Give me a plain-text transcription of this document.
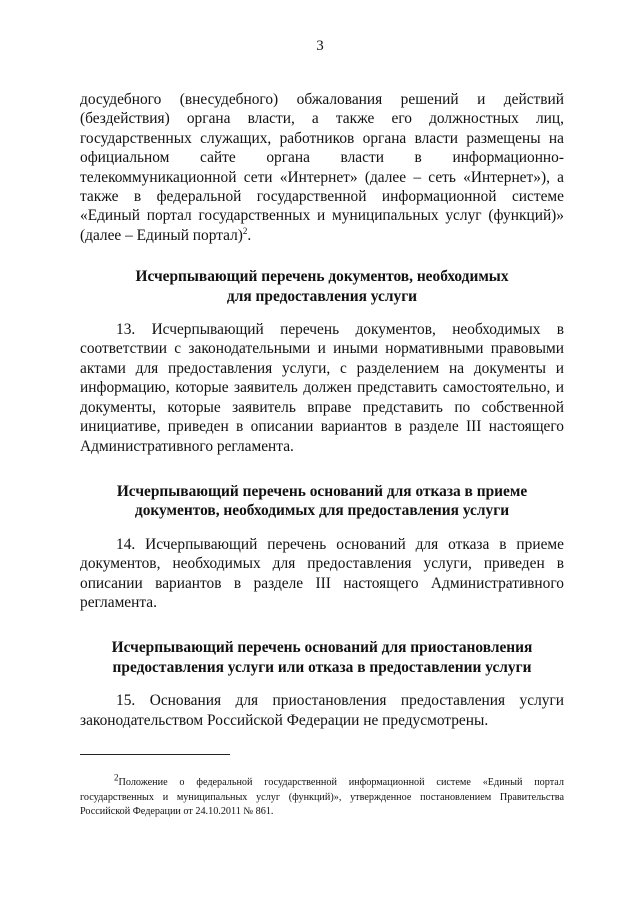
3

досудебного (внесудебного) обжалования решений и действий (бездействия) органа власти, а также его должностных лиц, государственных служащих, работников органа власти размещены на официальном сайте органа власти в информационно-телекоммуникационной сети «Интернет» (далее – сеть «Интернет»), а также в федеральной государственной информационной системе «Единый портал государственных и муниципальных услуг (функций)» (далее – Единый портал)$^2$.

Исчерпывающий перечень документов, необходимых
для предоставления услуги

13. Исчерпывающий перечень документов, необходимых в соответствии с законодательными и иными нормативными правовыми актами для предоставления услуги, с разделением на документы и информацию, которые заявитель должен представить самостоятельно, и документы, которые заявитель вправе представить по собственной инициативе, приведен в описании вариантов в разделе III настоящего Административного регламента.

Исчерпывающий перечень оснований для отказа в приеме
документов, необходимых для предоставления услуги

14. Исчерпывающий перечень оснований для отказа в приеме документов, необходимых для предоставления услуги, приведен в описании вариантов в разделе III настоящего Административного регламента.

Исчерпывающий перечень оснований для приостановления
предоставления услуги или отказа в предоставлении услуги

15. Основания для приостановления предоставления услуги законодательством Российской Федерации не предусмотрены.

$^2$Положение о федеральной государственной информационной системе «Единый портал государственных и муниципальных услуг (функций)», утвержденное постановлением Правительства Российской Федерации от 24.10.2011 № 861.
